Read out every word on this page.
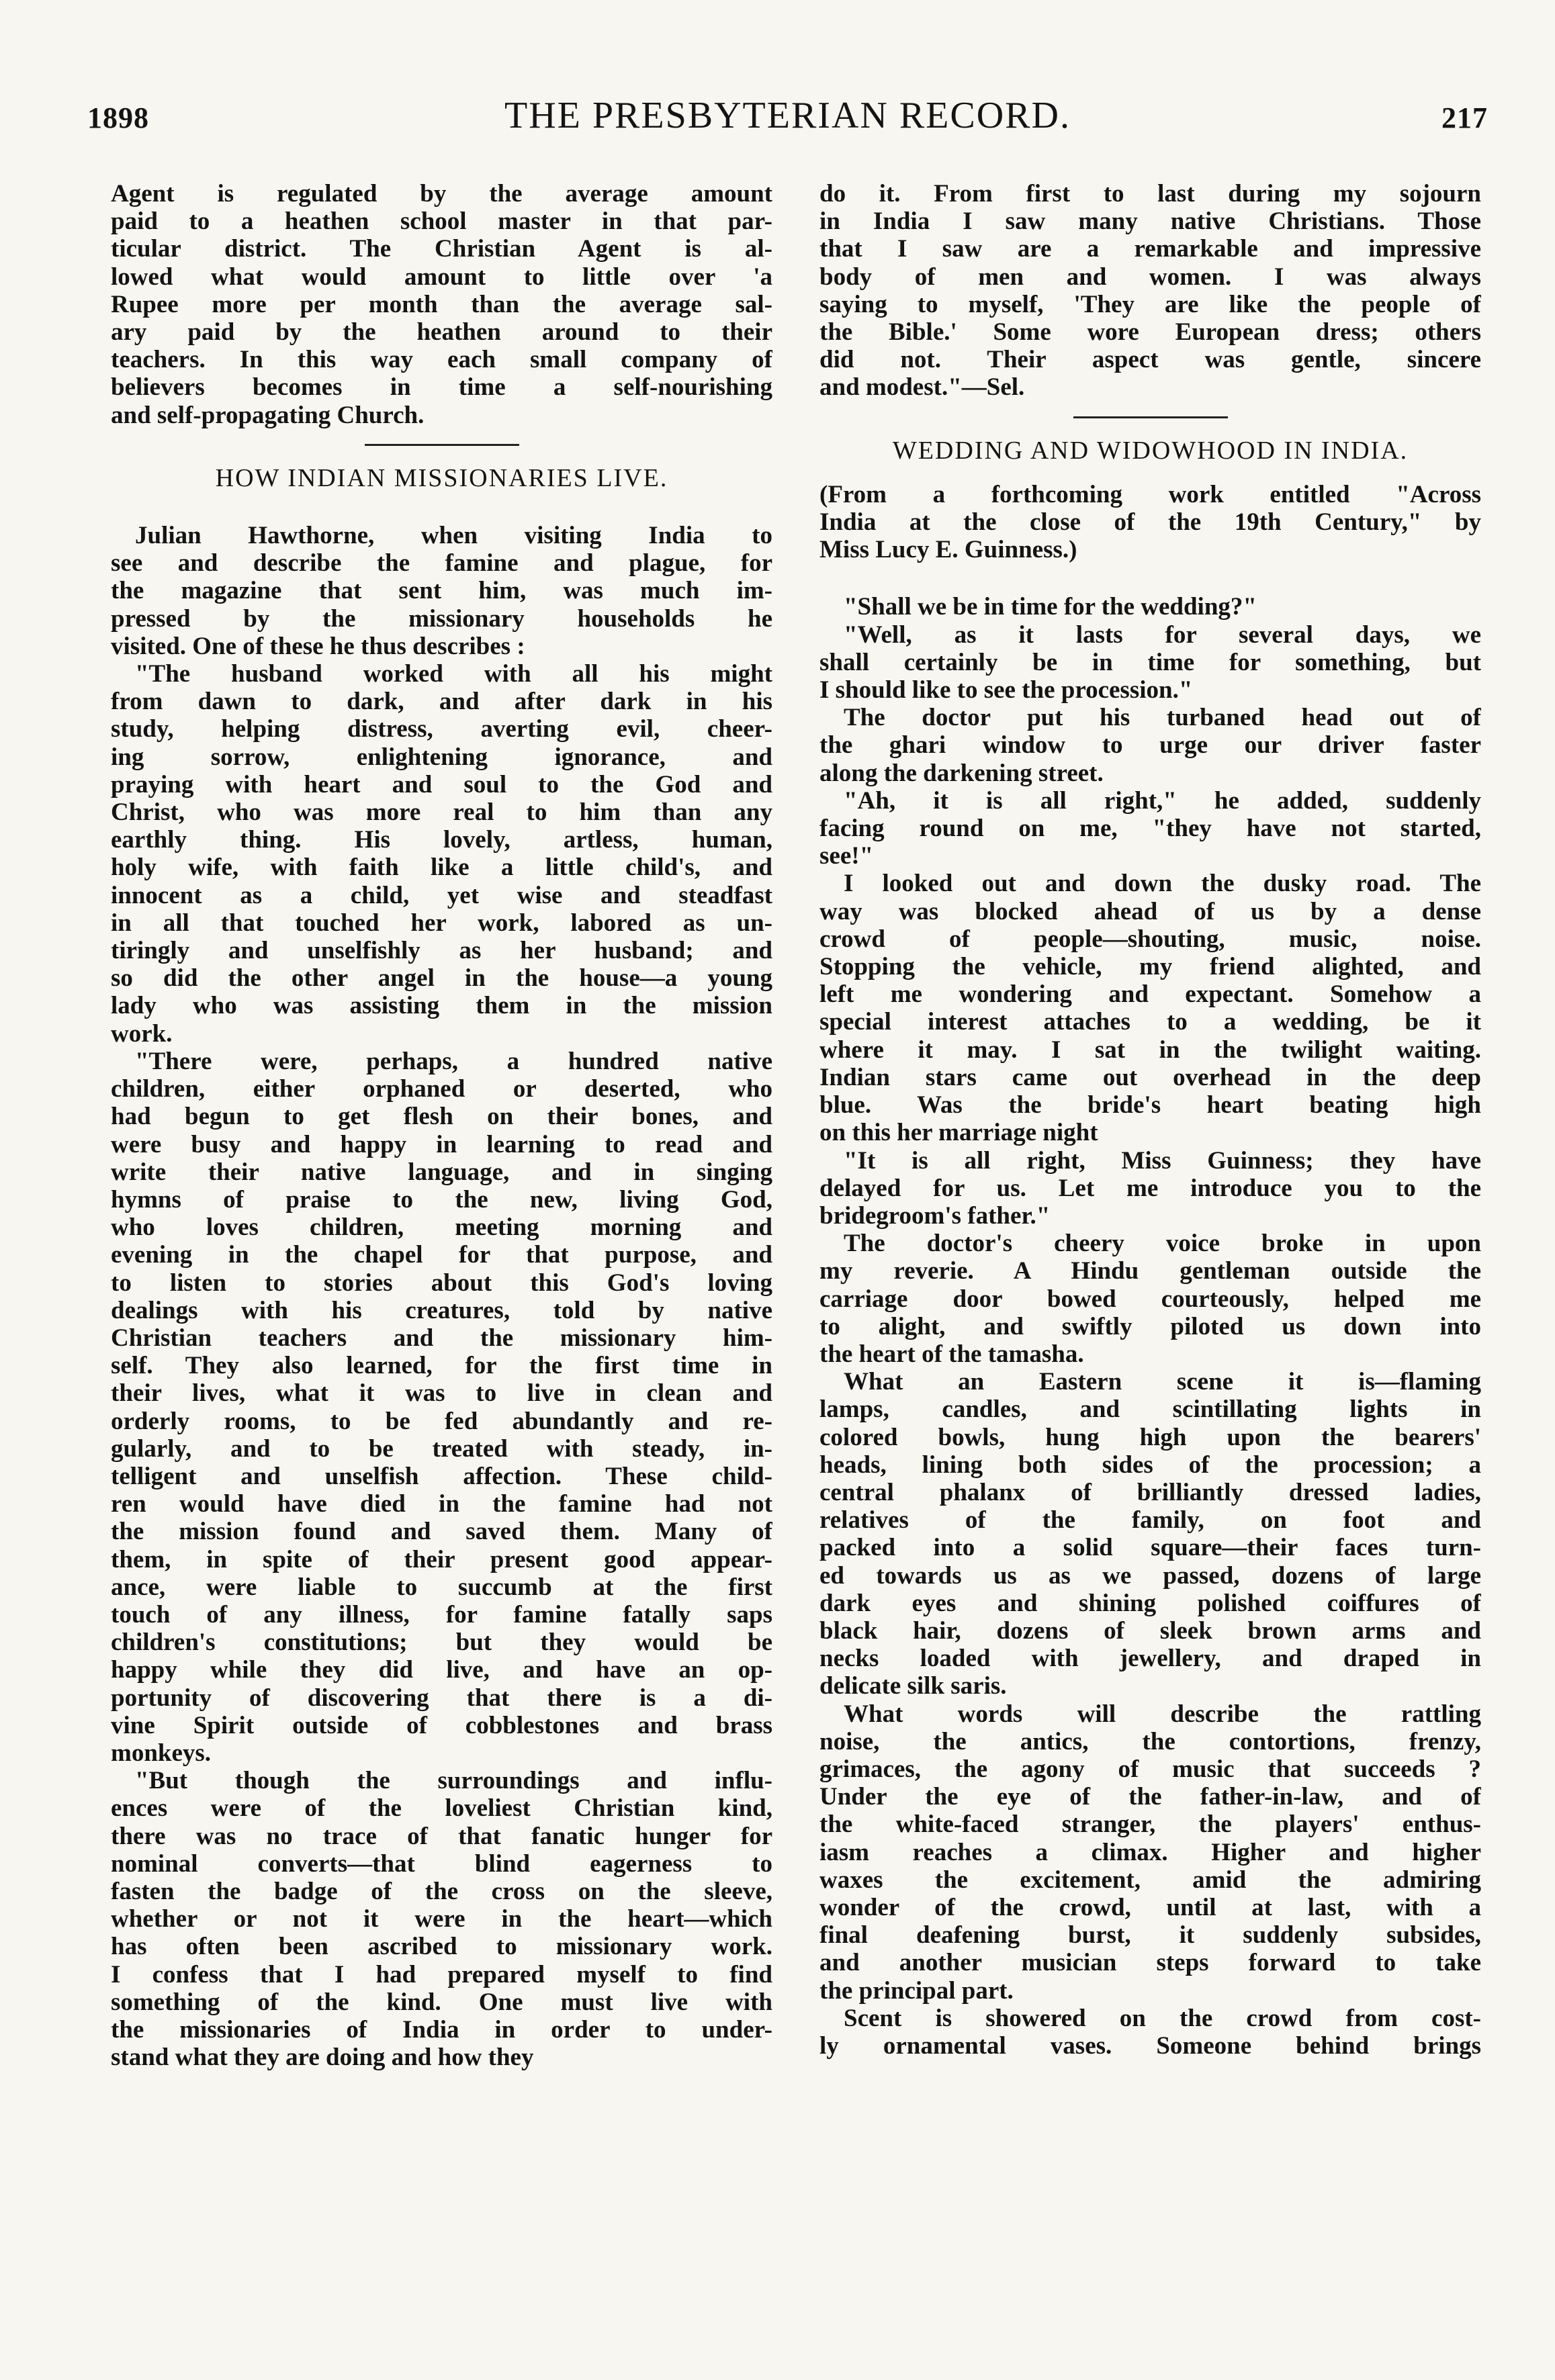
1898	THE PRESBYTERIAN RECORD.	217
Agent is regulated by the average amount
paid to a heathen school master in that par-
ticular district. The Christian Agent is al-
lowed what would amount to little over 'a
Rupee more per month than the average sal-
ary paid by the heathen around to their
teachers. In this way each small company of
believers becomes in time a self-nourishing
and self-propagating Church.
HOW INDIAN MISSIONARIES LIVE.
Julian Hawthorne, when visiting India to
see and describe the famine and plague, for
the magazine that sent him, was much im-
pressed by the missionary households he
visited. One of these he thus describes :
"The husband worked with all his might
from dawn to dark, and after dark in his
study, helping distress, averting evil, cheer-
ing sorrow, enlightening ignorance, and
praying with heart and soul to the God and
Christ, who was more real to him than any
earthly thing. His lovely, artless, human,
holy wife, with faith like a little child's, and
innocent as a child, yet wise and steadfast
in all that touched her work, labored as un-
tiringly and unselfishly as her husband; and
so did the other angel in the house—a young
lady who was assisting them in the mission
work.
"There were, perhaps, a hundred native
children, either orphaned or deserted, who
had begun to get flesh on their bones, and
were busy and happy in learning to read and
write their native language, and in singing
hymns of praise to the new, living God,
who loves children, meeting morning and
evening in the chapel for that purpose, and
to listen to stories about this God's loving
dealings with his creatures, told by native
Christian teachers and the missionary him-
self. They also learned, for the first time in
their lives, what it was to live in clean and
orderly rooms, to be fed abundantly and re-
gularly, and to be treated with steady, in-
telligent and unselfish affection. These child-
ren would have died in the famine had not
the mission found and saved them. Many of
them, in spite of their present good appear-
ance, were liable to succumb at the first
touch of any illness, for famine fatally saps
children's constitutions; but they would be
happy while they did live, and have an op-
portunity of discovering that there is a di-
vine Spirit outside of cobblestones and brass
monkeys.
"But though the surroundings and influ-
ences were of the loveliest Christian kind,
there was no trace of that fanatic hunger for
nominal converts—that blind eagerness to
fasten the badge of the cross on the sleeve,
whether or not it were in the heart—which
has often been ascribed to missionary work.
I confess that I had prepared myself to find
something of the kind. One must live with
the missionaries of India in order to under-
stand what they are doing and how they
do it. From first to last during my sojourn
in India I saw many native Christians. Those
that I saw are a remarkable and impressive
body of men and women. I was always
saying to myself, 'They are like the people of
the Bible.' Some wore European dress; others
did not. Their aspect was gentle, sincere
and modest."—Sel.
WEDDING AND WIDOWHOOD IN INDIA.
(From a forthcoming work entitled "Across
India at the close of the 19th Century," by
Miss Lucy E. Guinness.)
"Shall we be in time for the wedding?"
"Well, as it lasts for several days, we
shall certainly be in time for something, but
I should like to see the procession."
The doctor put his turbaned head out of
the ghari window to urge our driver faster
along the darkening street.
"Ah, it is all right," he added, suddenly
facing round on me, "they have not started,
see!"
I looked out and down the dusky road. The
way was blocked ahead of us by a dense
crowd of people—shouting, music, noise.
Stopping the vehicle, my friend alighted, and
left me wondering and expectant. Somehow a
special interest attaches to a wedding, be it
where it may. I sat in the twilight waiting.
Indian stars came out overhead in the deep
blue. Was the bride's heart beating high
on this her marriage night
"It is all right, Miss Guinness; they have
delayed for us. Let me introduce you to the
bridegroom's father."
The doctor's cheery voice broke in upon
my reverie. A Hindu gentleman outside the
carriage door bowed courteously, helped me
to alight, and swiftly piloted us down into
the heart of the tamasha.
What an Eastern scene it is—flaming
lamps, candles, and scintillating lights in
colored bowls, hung high upon the bearers'
heads, lining both sides of the procession; a
central phalanx of brilliantly dressed ladies,
relatives of the family, on foot and
packed into a solid square—their faces turn-
ed towards us as we passed, dozens of large
dark eyes and shining polished coiffures of
black hair, dozens of sleek brown arms and
necks loaded with jewellery, and draped in
delicate silk saris.
What words will describe the rattling
noise, the antics, the contortions, frenzy,
grimaces, the agony of music that succeeds ?
Under the eye of the father-in-law, and of
the white-faced stranger, the players' enthus-
iasm reaches a climax. Higher and higher
waxes the excitement, amid the admiring
wonder of the crowd, until at last, with a
final deafening burst, it suddenly subsides,
and another musician steps forward to take
the principal part.
Scent is showered on the crowd from cost-
ly ornamental vases. Someone behind brings
